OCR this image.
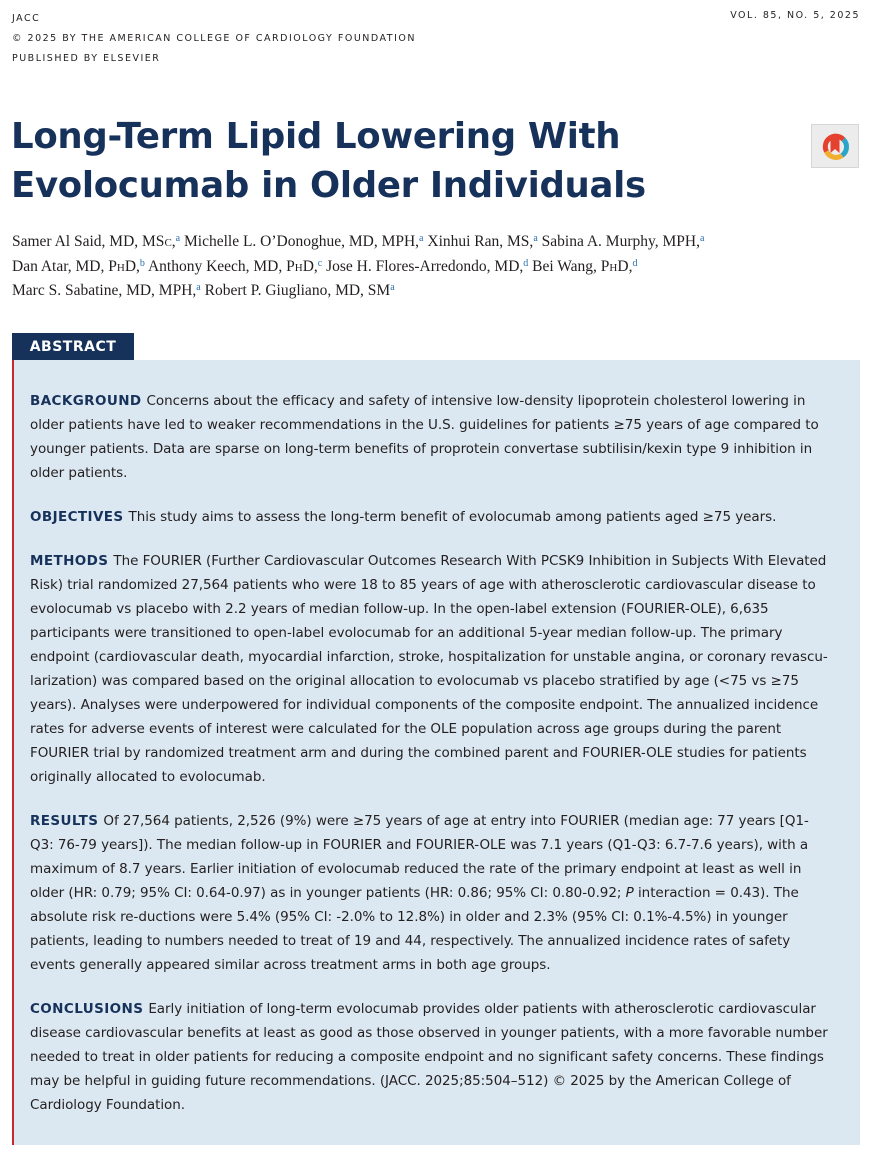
JACC
© 2025 BY THE AMERICAN COLLEGE OF CARDIOLOGY FOUNDATION
PUBLISHED BY ELSEVIER
VOL. 85, NO. 5, 2025
Long-Term Lipid Lowering With
Evolocumab in Older Individuals
Samer Al Said, MD, MSc,$^a$ Michelle L. O’Donoghue, MD, MPH,$^a$ Xinhui Ran, MS,$^a$ Sabina A. Murphy, MPH,$^a$
Dan Atar, MD, PhD,$^b$ Anthony Keech, MD, PhD,$^c$ Jose H. Flores-Arredondo, MD,$^d$ Bei Wang, PhD,$^d$
Marc S. Sabatine, MD, MPH,$^a$ Robert P. Giugliano, MD, $SM^a$
ABSTRACT

BACKGROUND Concerns about the efficacy and safety of intensive low-density lipoprotein cholesterol lowering in older patients have led to weaker recommendations in the U.S. guidelines for patients ≥75 years of age compared to younger patients. Data are sparse on long-term benefits of proprotein convertase subtilisin/kexin type 9 inhibition in older patients.

OBJECTIVES This study aims to assess the long-term benefit of evolocumab among patients aged ≥75 years.

METHODS The FOURIER (Further Cardiovascular Outcomes Research With PCSK9 Inhibition in Subjects With Elevated Risk) trial randomized 27,564 patients who were 18 to 85 years of age with atherosclerotic cardiovascular disease to evolocumab vs placebo with 2.2 years of median follow-up. In the open-label extension (FOURIER-OLE), 6,635 participants were transitioned to open-label evolocumab for an additional 5-year median follow-up. The primary endpoint (cardiovascular death, myocardial infarction, stroke, hospitalization for unstable angina, or coronary revascu-larization) was compared based on the original allocation to evolocumab vs placebo stratified by age (<75 vs ≥75 years). Analyses were underpowered for individual components of the composite endpoint. The annualized incidence rates for adverse events of interest were calculated for the OLE population across age groups during the parent FOURIER trial by randomized treatment arm and during the combined parent and FOURIER-OLE studies for patients originally allocated to evolocumab.

RESULTS Of 27,564 patients, 2,526 (9%) were ≥75 years of age at entry into FOURIER (median age: 77 years [Q1-Q3: 76-79 years]). The median follow-up in FOURIER and FOURIER-OLE was 7.1 years (Q1-Q3: 6.7-7.6 years), with a maximum of 8.7 years. Earlier initiation of evolocumab reduced the rate of the primary endpoint at least as well in older (HR: 0.79; 95% CI: 0.64-0.97) as in younger patients (HR: 0.86; 95% CI: 0.80-0.92; P interaction = 0.43). The absolute risk re-ductions were 5.4% (95% CI: -2.0% to 12.8%) in older and 2.3% (95% CI: 0.1%-4.5%) in younger patients, leading to numbers needed to treat of 19 and 44, respectively. The annualized incidence rates of safety events generally appeared similar across treatment arms in both age groups.

CONCLUSIONS Early initiation of long-term evolocumab provides older patients with atherosclerotic cardiovascular disease cardiovascular benefits at least as good as those observed in younger patients, with a more favorable number needed to treat in older patients for reducing a composite endpoint and no significant safety concerns. These findings may be helpful in guiding future recommendations. (JACC. 2025;85:504–512) © 2025 by the American College of Cardiology Foundation.
